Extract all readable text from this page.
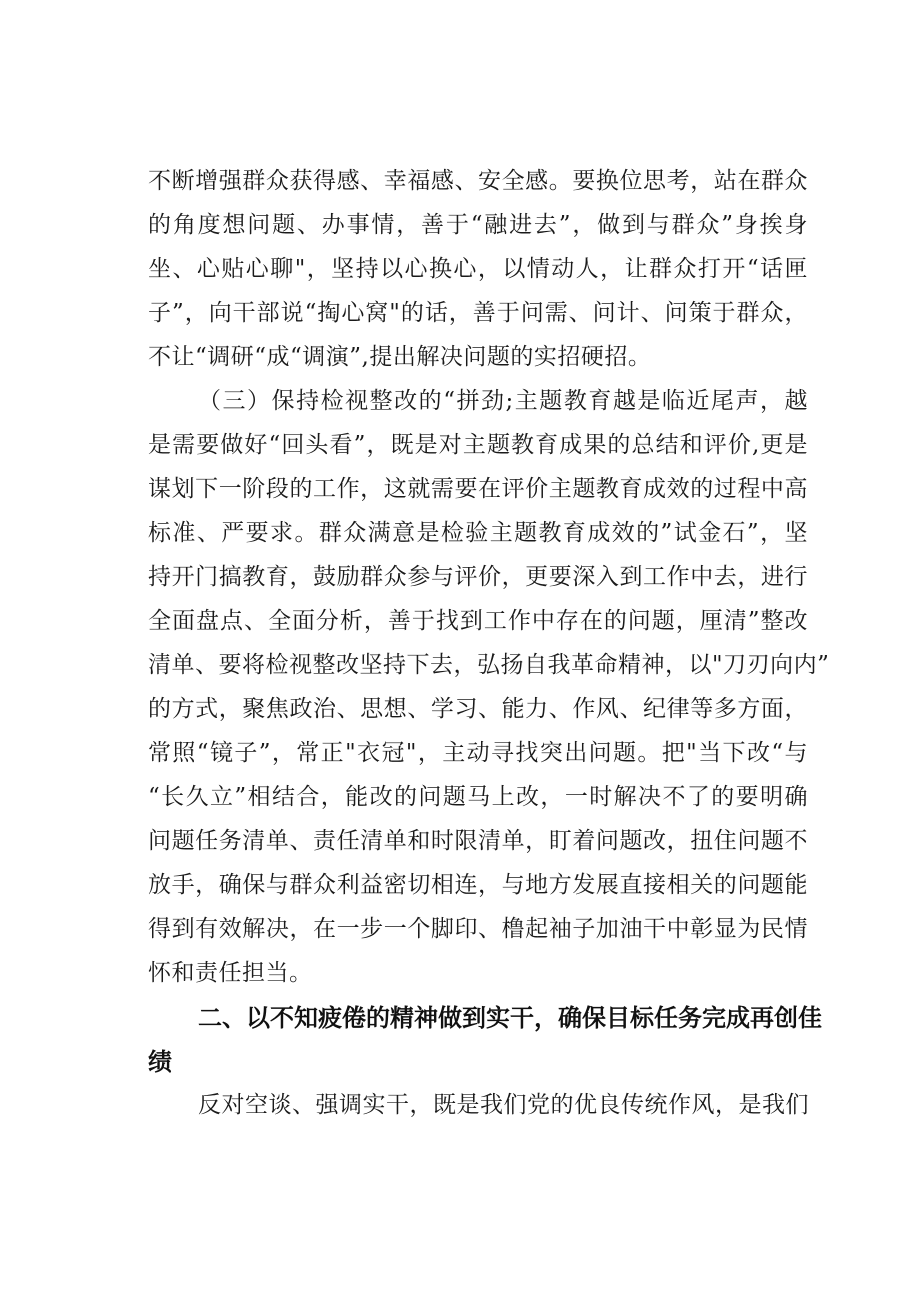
不断增强群众获得感、幸福感、安全感。要换位思考，站在群众
的角度想问题、办事情，善于“融进去”，做到与群众”身挨身
坐、心贴心聊"，坚持以心换心，以情动人，让群众打开“话匣
子”，向干部说“掏心窝"的话，善于问需、问计、问策于群众，
不让“调研“成“调演”,提出解决问题的实招硬招。
（三）保持检视整改的“拼劲;主题教育越是临近尾声，越
是需要做好“回头看”，既是对主题教育成果的总结和评价,更是
谋划下一阶段的工作，这就需要在评价主题教育成效的过程中高
标准、严要求。群众满意是检验主题教育成效的”试金石”，坚
持开门搞教育，鼓励群众参与评价，更要深入到工作中去，进行
全面盘点、全面分析，善于找到工作中存在的问题，厘清”整改
清单、要将检视整改坚持下去，弘扬自我革命精神，以"刀刃向内”
的方式，聚焦政治、思想、学习、能力、作风、纪律等多方面，
常照“镜子”，常正"衣冠"，主动寻找突出问题。把"当下改“与
“长久立”相结合，能改的问题马上改，一时解决不了的要明确
问题任务清单、责任清单和时限清单，盯着问题改，扭住问题不
放手，确保与群众利益密切相连，与地方发展直接相关的问题能
得到有效解决，在一步一个脚印、橹起袖子加油干中彰显为民情
怀和责任担当。
二、以不知疲倦的精神做到实干，确保目标任务完成再创佳
绩
反对空谈、强调实干，既是我们党的优良传统作风，是我们
